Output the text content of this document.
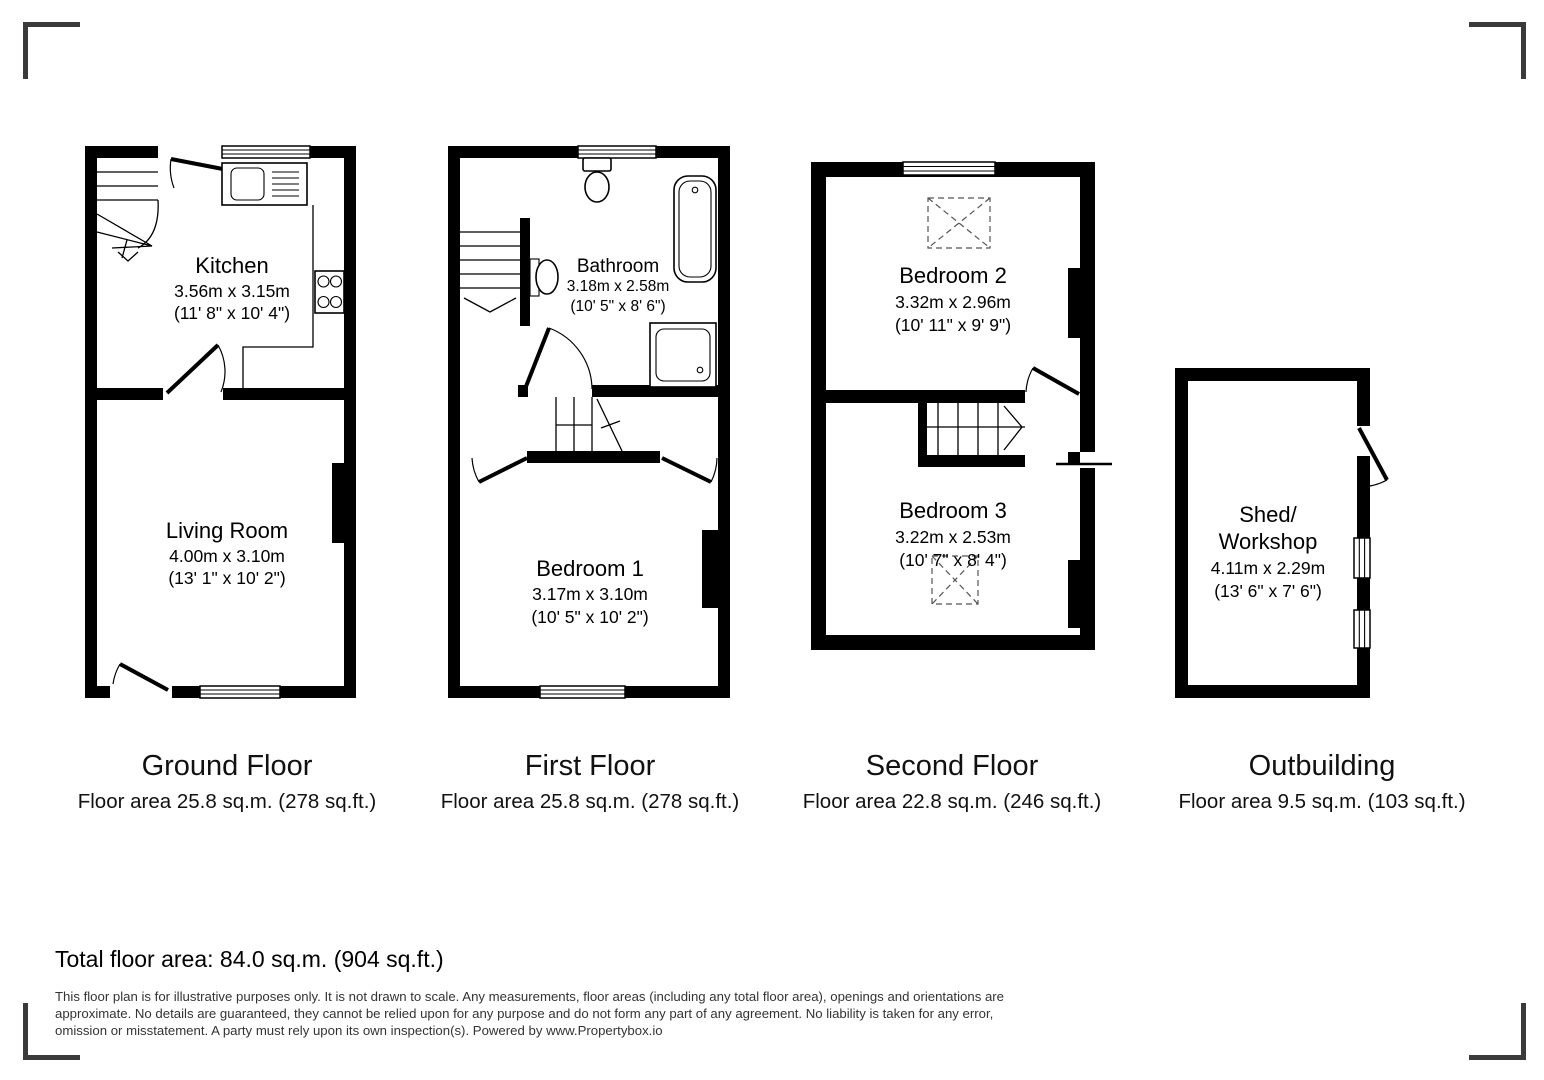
Kitchen
3.56m x 3.15m
(11' 8" x 10' 4")
Living Room
4.00m x 3.10m
(13' 1" x 10' 2")
Bathroom
3.18m x 2.58m
(10' 5" x 8' 6")
Bedroom 1
3.17m x 3.10m
(10' 5" x 10' 2")
Bedroom 2
3.32m x 2.96m
(10' 11" x 9' 9")
Bedroom 3
3.22m x 2.53m
(10' 7" x 8' 4")
Shed/
Workshop
4.11m x 2.29m
(13' 6" x 7' 6")
Ground Floor
Floor area 25.8 sq.m. (278 sq.ft.)
First Floor
Floor area 25.8 sq.m. (278 sq.ft.)
Second Floor
Floor area 22.8 sq.m. (246 sq.ft.)
Outbuilding
Floor area 9.5 sq.m. (103 sq.ft.)
Total floor area: 84.0 sq.m. (904 sq.ft.)
This floor plan is for illustrative purposes only. It is not drawn to scale. Any measurements, floor areas (including any total floor area), openings and orientations are
approximate. No details are guaranteed, they cannot be relied upon for any purpose and do not form any part of any agreement. No liability is taken for any error,
omission or misstatement. A party must rely upon its own inspection(s). Powered by www.Propertybox.io
